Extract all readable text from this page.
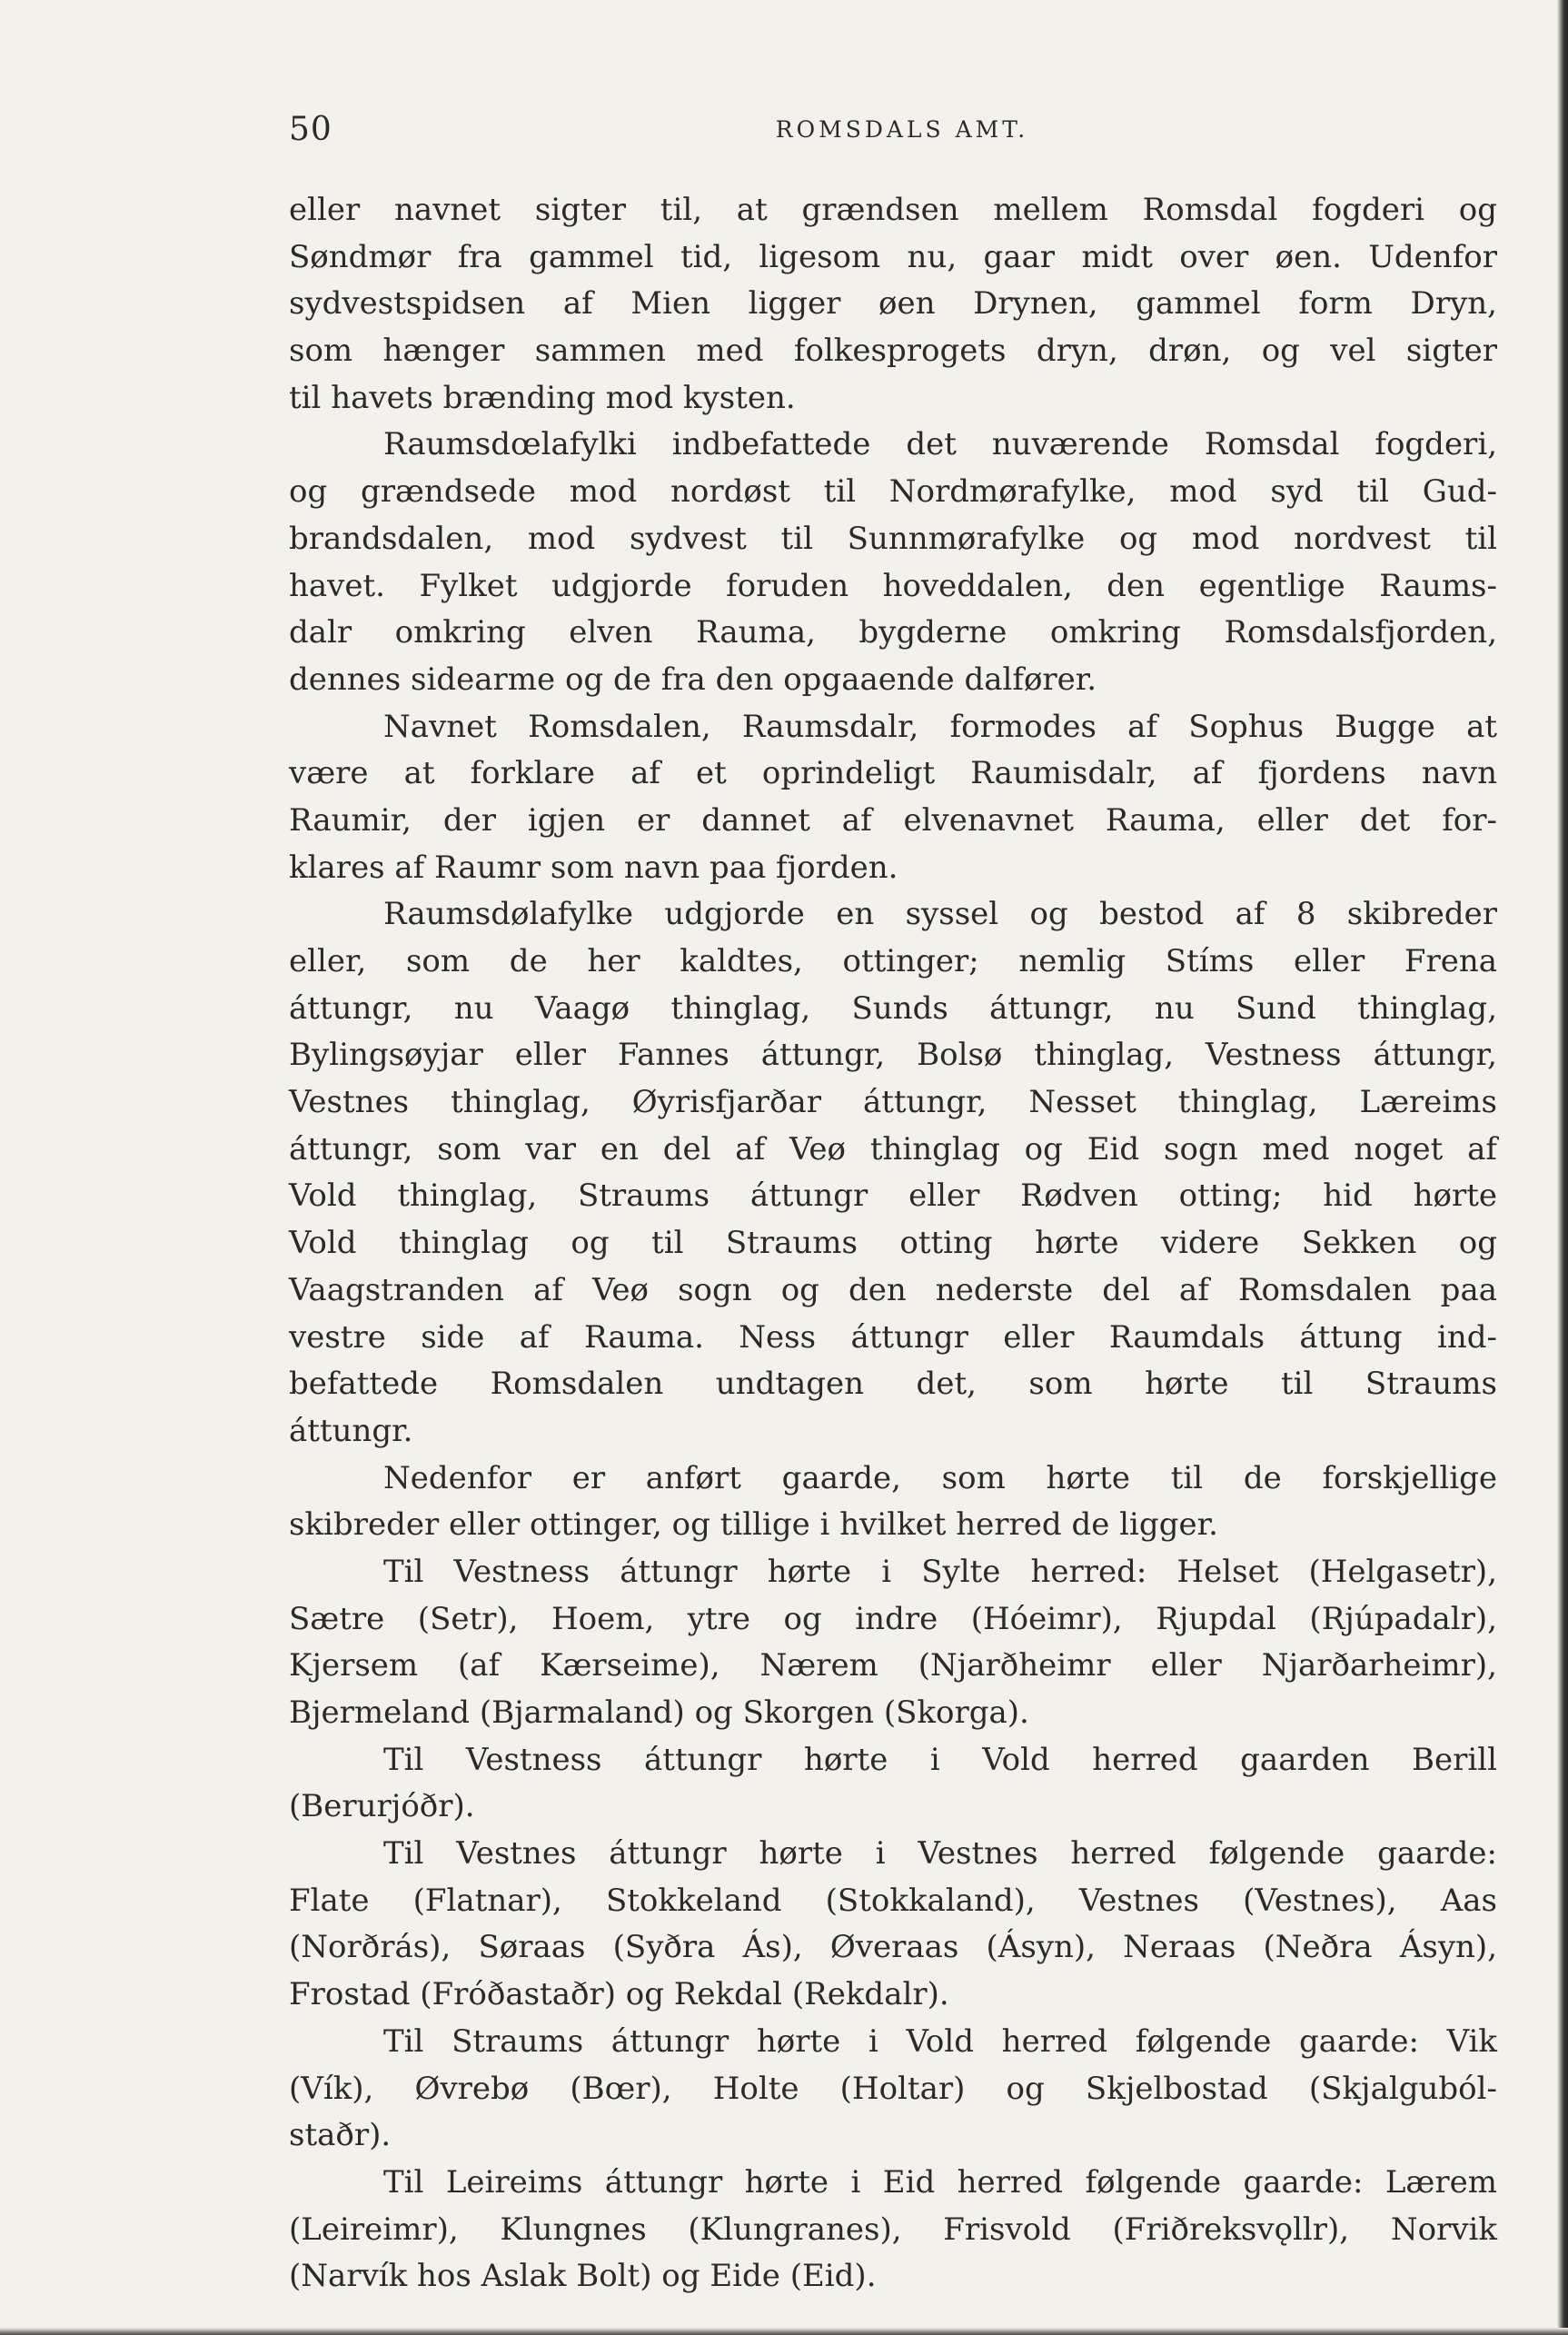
50	ROMSDALS AMT.
eller navnet sigter til, at grændsen mellem Romsdal fogderi og
Søndmør fra gammel tid, ligesom nu, gaar midt over øen. Udenfor
sydvestspidsen af Mien ligger øen Drynen, gammel form Dryn,
som hænger sammen med folkesprogets dryn, drøn, og vel sigter
til havets brænding mod kysten.
Raumsdœlafylki indbefattede det nuværende Romsdal fogderi,
og grændsede mod nordøst til Nordmørafylke, mod syd til Gud-
brandsdalen, mod sydvest til Sunnmørafylke og mod nordvest til
havet. Fylket udgjorde foruden hoveddalen, den egentlige Raums-
dalr omkring elven Rauma, bygderne omkring Romsdalsfjorden,
dennes sidearme og de fra den opgaaende dalfører.
Navnet Romsdalen, Raumsdalr, formodes af Sophus Bugge at
være at forklare af et oprindeligt Raumisdalr, af fjordens navn
Raumir, der igjen er dannet af elvenavnet Rauma, eller det for-
klares af Raumr som navn paa fjorden.
Raumsdølafylke udgjorde en syssel og bestod af 8 skibreder
eller, som de her kaldtes, ottinger; nemlig Stíms eller Frena
áttungr, nu Vaagø thinglag, Sunds áttungr, nu Sund thinglag,
Bylingsøyjar eller Fannes áttungr, Bolsø thinglag, Vestness áttungr,
Vestnes thinglag, Øyrisfjarðar áttungr, Nesset thinglag, Læreims
áttungr, som var en del af Veø thinglag og Eid sogn med noget af
Vold thinglag, Straums áttungr eller Rødven otting; hid hørte
Vold thinglag og til Straums otting hørte videre Sekken og
Vaagstranden af Veø sogn og den nederste del af Romsdalen paa
vestre side af Rauma. Ness áttungr eller Raumdals áttung ind-
befattede Romsdalen undtagen det, som hørte til Straums
áttungr.
Nedenfor er anført gaarde, som hørte til de forskjellige
skibreder eller ottinger, og tillige i hvilket herred de ligger.
Til Vestness áttungr hørte i Sylte herred: Helset (Helgasetr),
Sætre (Setr), Hoem, ytre og indre (Hóeimr), Rjupdal (Rjúpadalr),
Kjersem (af Kærseime), Nærem (Njarðheimr eller Njarðarheimr),
Bjermeland (Bjarmaland) og Skorgen (Skorga).
Til Vestness áttungr hørte i Vold herred gaarden Berill
(Berurjóðr).
Til Vestnes áttungr hørte i Vestnes herred følgende gaarde:
Flate (Flatnar), Stokkeland (Stokkaland), Vestnes (Vestnes), Aas
(Norðrás), Søraas (Syðra Ás), Øveraas (Ásyn), Neraas (Neðra Ásyn),
Frostad (Fróðastaðr) og Rekdal (Rekdalr).
Til Straums áttungr hørte i Vold herred følgende gaarde: Vik
(Vík), Øvrebø (Bœr), Holte (Holtar) og Skjelbostad (Skjalguból-
staðr).
Til Leireims áttungr hørte i Eid herred følgende gaarde: Lærem
(Leireimr), Klungnes (Klungranes), Frisvold (Friðreksvǫllr), Norvik
(Narvík hos Aslak Bolt) og Eide (Eid).
